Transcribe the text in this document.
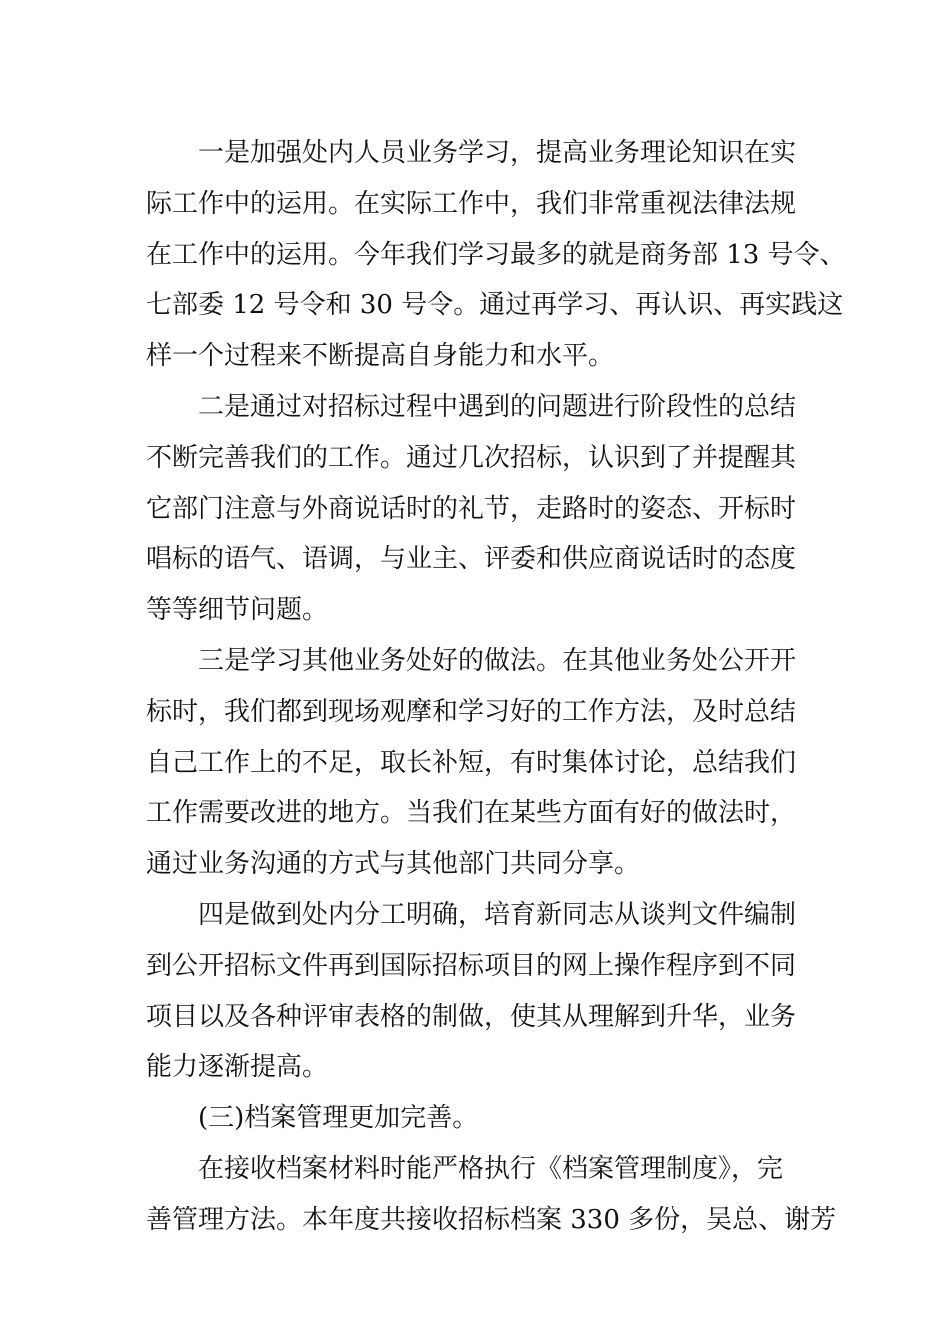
一是加强处内人员业务学习，提高业务理论知识在实
际工作中的运用。在实际工作中，我们非常重视法律法规
在工作中的运用。今年我们学习最多的就是商务部 13 号令、
七部委 12 号令和 30 号令。通过再学习、再认识、再实践这
样一个过程来不断提高自身能力和水平。
二是通过对招标过程中遇到的问题进行阶段性的总结
不断完善我们的工作。通过几次招标，认识到了并提醒其
它部门注意与外商说话时的礼节，走路时的姿态、开标时
唱标的语气、语调，与业主、评委和供应商说话时的态度
等等细节问题。
三是学习其他业务处好的做法。在其他业务处公开开
标时，我们都到现场观摩和学习好的工作方法，及时总结
自己工作上的不足，取长补短，有时集体讨论，总结我们
工作需要改进的地方。当我们在某些方面有好的做法时，
通过业务沟通的方式与其他部门共同分享。
四是做到处内分工明确，培育新同志从谈判文件编制
到公开招标文件再到国际招标项目的网上操作程序到不同
项目以及各种评审表格的制做，使其从理解到升华，业务
能力逐渐提高。
(三)档案管理更加完善。
在接收档案材料时能严格执行《档案管理制度》，完
善管理方法。本年度共接收招标档案 330 多份，吴总、谢芳
